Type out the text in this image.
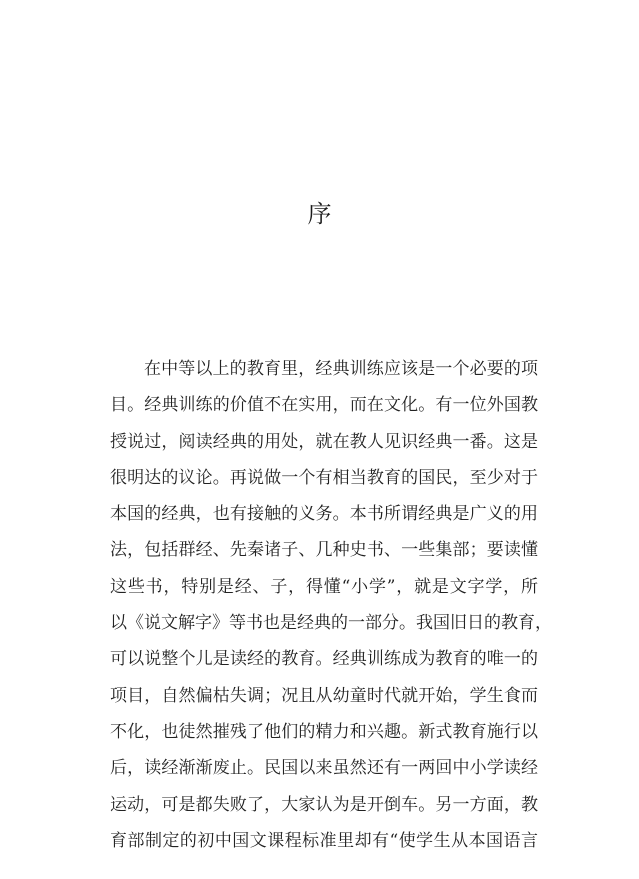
序
在中等以上的教育里，经典训练应该是一个必要的项
目。经典训练的价值不在实用，而在文化。有一位外国教
授说过，阅读经典的用处，就在教人见识经典一番。这是
很明达的议论。再说做一个有相当教育的国民，至少对于
本国的经典，也有接触的义务。本书所谓经典是广义的用
法，包括群经、先秦诸子、几种史书、一些集部；要读懂
这些书，特别是经、子，得懂“小学”，就是文字学，所
以《说文解字》等书也是经典的一部分。我国旧日的教育，
可以说整个儿是读经的教育。经典训练成为教育的唯一的
项目，自然偏枯失调；况且从幼童时代就开始，学生食而
不化，也徒然摧残了他们的精力和兴趣。新式教育施行以
后，读经渐渐废止。民国以来虽然还有一两回中小学读经
运动，可是都失败了，大家认为是开倒车。另一方面，教
育部制定的初中国文课程标准里却有“使学生从本国语言
